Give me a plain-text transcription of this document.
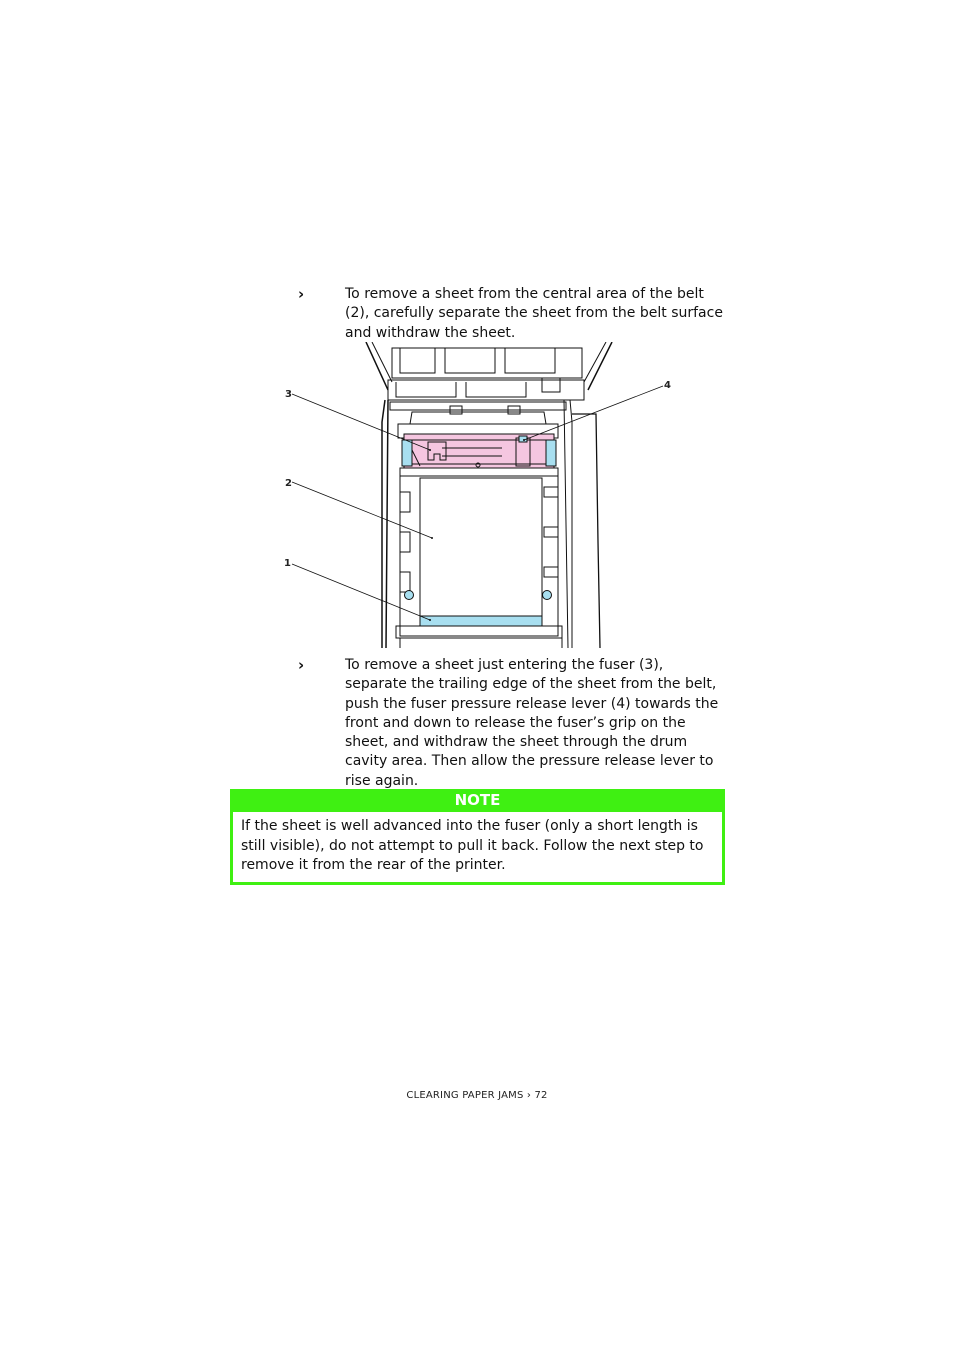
›	To remove a sheet from the central area of the belt (2), carefully separate the sheet from the belt surface and withdraw the sheet.
3
2
1
4
›	To remove a sheet just entering the fuser (3), separate the trailing edge of the sheet from the belt, push the fuser pressure release lever (4) towards the front and down to release the fuser’s grip on the sheet, and withdraw the sheet through the drum cavity area. Then allow the pressure release lever to rise again.
NOTE
If the sheet is well advanced into the fuser (only a short length is still visible), do not attempt to pull it back. Follow the next step to remove it from the rear of the printer.
CLEARING PAPER JAMS › 72
